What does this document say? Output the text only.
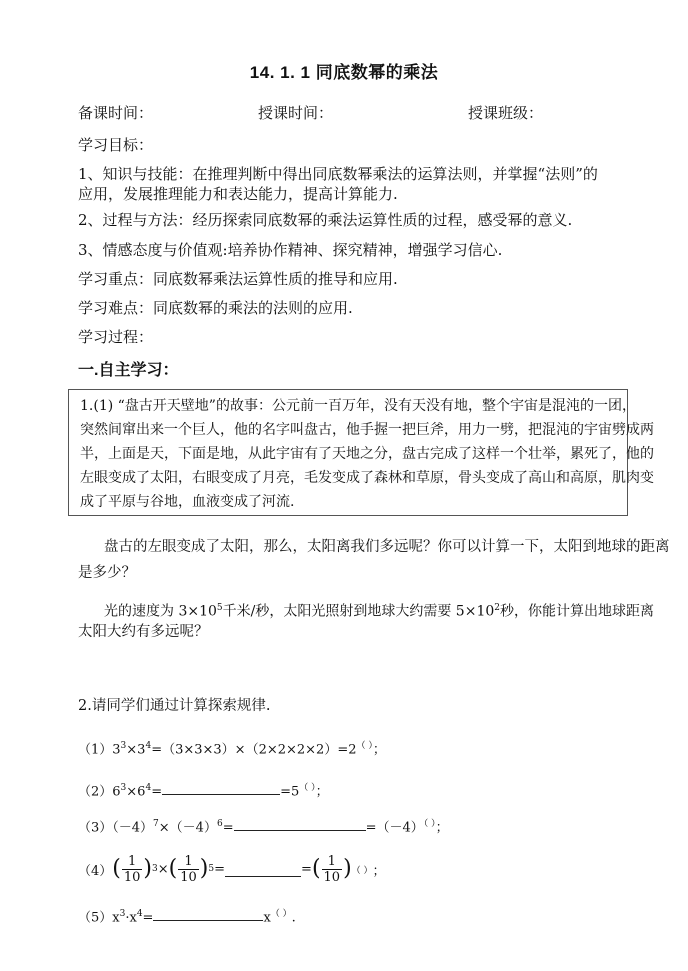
14. 1. 1 同底数幂的乘法
备课时间：	授课时间：	授课班级：
学习目标：
1、知识与技能：在推理判断中得出同底数幂乘法的运算法则，并掌握“法则”的
应用，发展推理能力和表达能力，提高计算能力.
2、过程与方法：经历探索同底数幂的乘法运算性质的过程，感受幂的意义.
3、情感态度与价值观:培养协作精神、探究精神，增强学习信心.
学习重点：同底数幂乘法运算性质的推导和应用.
学习难点：同底数幂的乘法的法则的应用.
学习过程：
一.自主学习：
1.(1) “盘古开天壁地”的故事：公元前一百万年，没有天没有地，整个宇宙是混沌的一团，
突然间窜出来一个巨人，他的名字叫盘古，他手握一把巨斧，用力一劈，把混沌的宇宙劈成两
半，上面是天，下面是地，从此宇宙有了天地之分，盘古完成了这样一个壮举，累死了，他的
左眼变成了太阳，右眼变成了月亮，毛发变成了森林和草原，骨头变成了高山和高原，肌肉变
成了平原与谷地，血液变成了河流.
盘古的左眼变成了太阳，那么，太阳离我们多远呢？你可以计算一下，太阳到地球的距离
是多少？
光的速度为 $3\times 10^5$千米/秒，太阳光照射到地球大约需要 $5\times 10^2$秒，你能计算出地球距离
太阳大约有多远呢？
2.请同学们通过计算探索规律.
$(1)3^3\times 3^4=(3\times 3\times 3)\times(2\times 2\times 2\times 2)=2^{( )}$；
$(2)6^3\times 6^4=$	=5（ ）；
$(3)(-4)^7\times(-4)^6=$	=（－4）（ ）；
（4） ( $\frac{1}{10}$ ) 3 × ( $\frac{1}{10}$ ) 5 =	= ( $\frac{1}{10}$ ) （ ） ；
$(5)x^3\cdot x^4=$	x（ ）.
